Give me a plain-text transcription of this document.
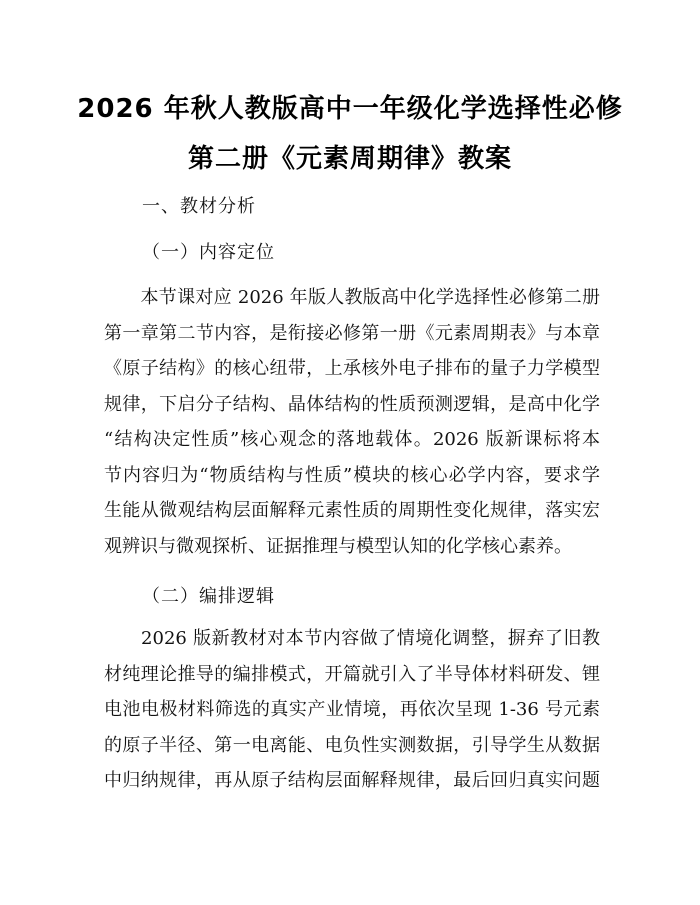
2026 年秋人教版高中一年级化学选择性必修
第二册《元素周期律》教案
一、教材分析
（一）内容定位
　　本节课对应 2026 年版人教版高中化学选择性必修第二册
第一章第二节内容，是衔接必修第一册《元素周期表》与本章
《原子结构》的核心纽带，上承核外电子排布的量子力学模型
规律，下启分子结构、晶体结构的性质预测逻辑，是高中化学
“结构决定性质”核心观念的落地载体。2026 版新课标将本
节内容归为“物质结构与性质”模块的核心必学内容，要求学
生能从微观结构层面解释元素性质的周期性变化规律，落实宏
观辨识与微观探析、证据推理与模型认知的化学核心素养。
（二）编排逻辑
　　2026 版新教材对本节内容做了情境化调整，摒弃了旧教
材纯理论推导的编排模式，开篇就引入了半导体材料研发、锂
电池电极材料筛选的真实产业情境，再依次呈现 1-36 号元素
的原子半径、第一电离能、电负性实测数据，引导学生从数据
中归纳规律，再从原子结构层面解释规律，最后回归真实问题
